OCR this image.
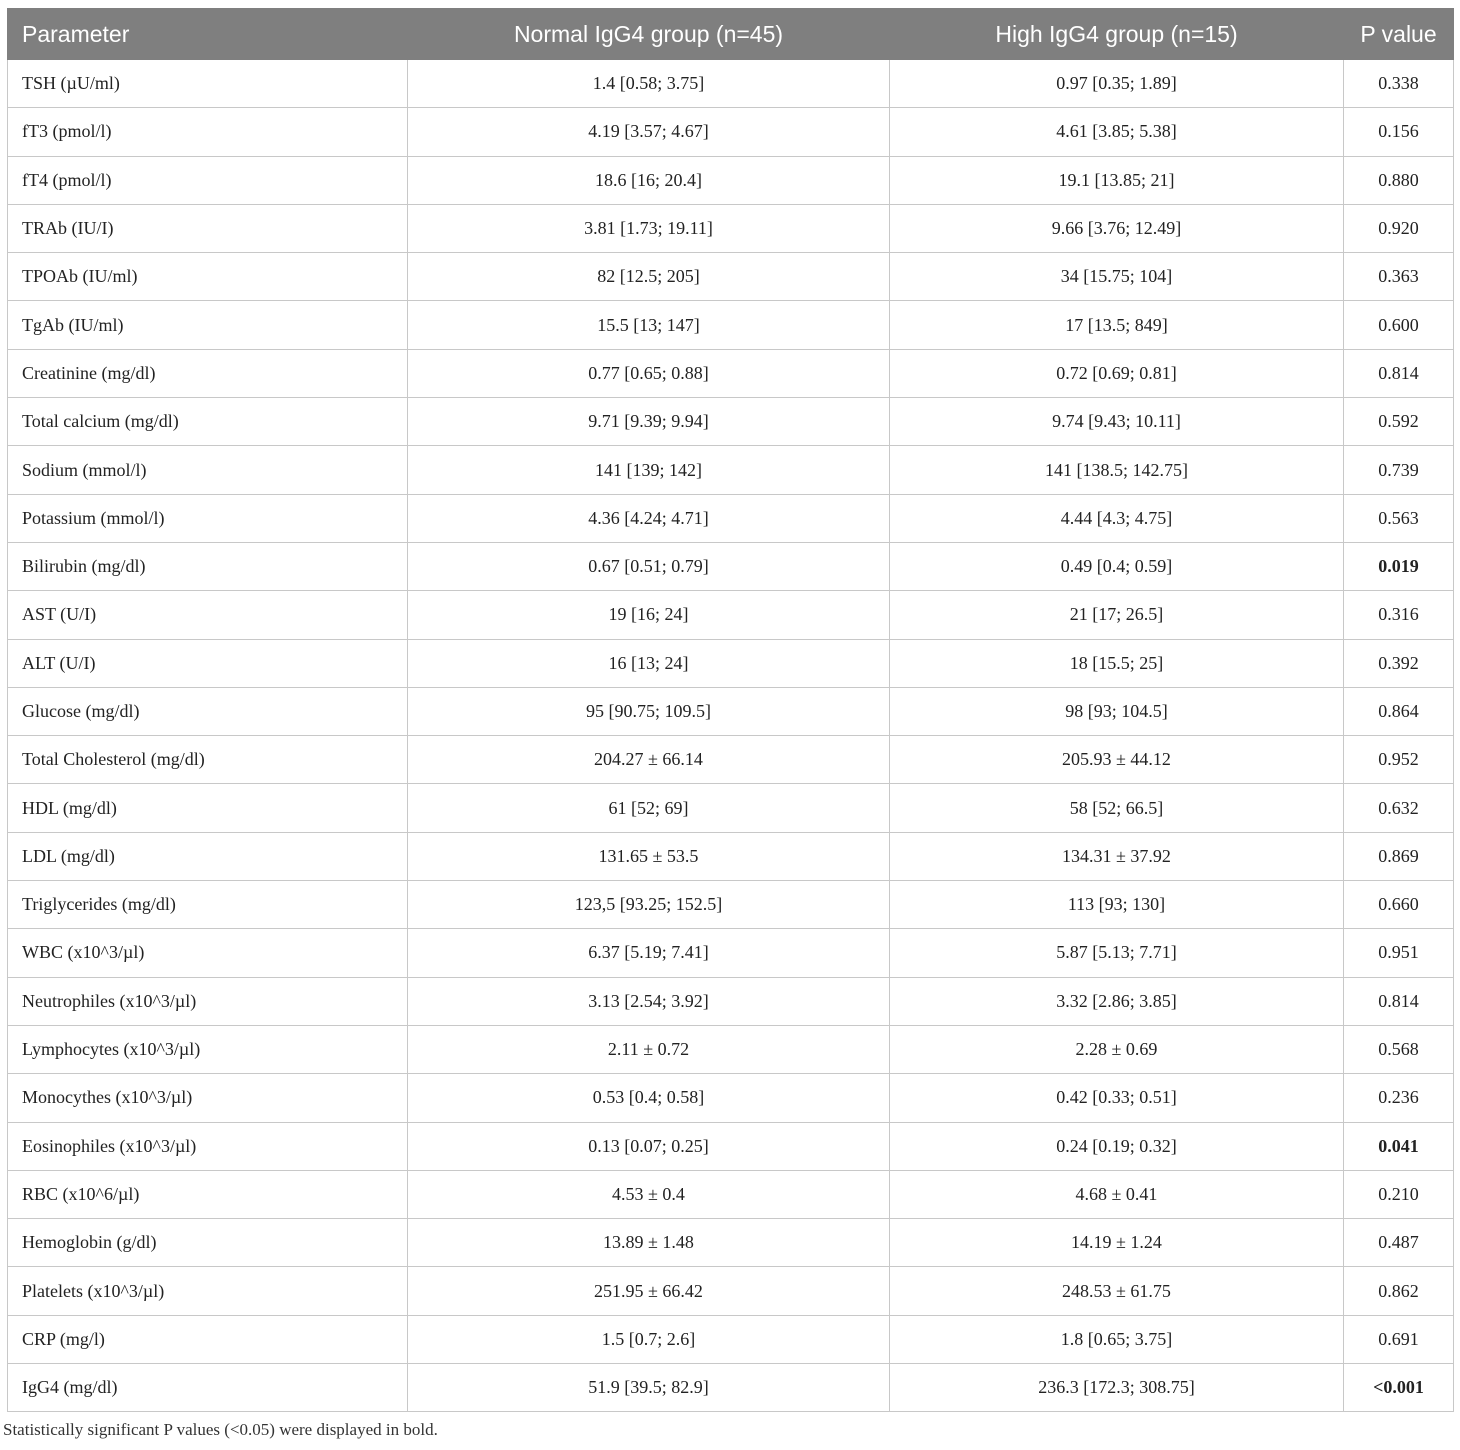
Parameter	Normal IgG4 group (n=45)	High IgG4 group (n=15)	P value
TSH (µU/ml)	1.4 [0.58; 3.75]	0.97 [0.35; 1.89]	0.338
fT3 (pmol/l)	4.19 [3.57; 4.67]	4.61 [3.85; 5.38]	0.156
fT4 (pmol/l)	18.6 [16; 20.4]	19.1 [13.85; 21]	0.880
TRAb (IU/I)	3.81 [1.73; 19.11]	9.66 [3.76; 12.49]	0.920
TPOAb (IU/ml)	82 [12.5; 205]	34 [15.75; 104]	0.363
TgAb (IU/ml)	15.5 [13; 147]	17 [13.5; 849]	0.600
Creatinine (mg/dl)	0.77 [0.65; 0.88]	0.72 [0.69; 0.81]	0.814
Total calcium (mg/dl)	9.71 [9.39; 9.94]	9.74 [9.43; 10.11]	0.592
Sodium (mmol/l)	141 [139; 142]	141 [138.5; 142.75]	0.739
Potassium (mmol/l)	4.36 [4.24; 4.71]	4.44 [4.3; 4.75]	0.563
Bilirubin (mg/dl)	0.67 [0.51; 0.79]	0.49 [0.4; 0.59]	0.019
AST (U/I)	19 [16; 24]	21 [17; 26.5]	0.316
ALT (U/I)	16 [13; 24]	18 [15.5; 25]	0.392
Glucose (mg/dl)	95 [90.75; 109.5]	98 [93; 104.5]	0.864
Total Cholesterol (mg/dl)	204.27 ± 66.14	205.93 ± 44.12	0.952
HDL (mg/dl)	61 [52; 69]	58 [52; 66.5]	0.632
LDL (mg/dl)	131.65 ± 53.5	134.31 ± 37.92	0.869
Triglycerides (mg/dl)	123,5 [93.25; 152.5]	113 [93; 130]	0.660
WBC (x10^3/µl)	6.37 [5.19; 7.41]	5.87 [5.13; 7.71]	0.951
Neutrophiles (x10^3/µl)	3.13 [2.54; 3.92]	3.32 [2.86; 3.85]	0.814
Lymphocytes (x10^3/µl)	2.11 ± 0.72	2.28 ± 0.69	0.568
Monocythes (x10^3/µl)	0.53 [0.4; 0.58]	0.42 [0.33; 0.51]	0.236
Eosinophiles (x10^3/µl)	0.13 [0.07; 0.25]	0.24 [0.19; 0.32]	0.041
RBC (x10^6/µl)	4.53 ± 0.4	4.68 ± 0.41	0.210
Hemoglobin (g/dl)	13.89 ± 1.48	14.19 ± 1.24	0.487
Platelets (x10^3/µl)	251.95 ± 66.42	248.53 ± 61.75	0.862
CRP (mg/l)	1.5 [0.7; 2.6]	1.8 [0.65; 3.75]	0.691
IgG4 (mg/dl)	51.9 [39.5; 82.9]	236.3 [172.3; 308.75]	<0.001
Statistically significant P values (<0.05) were displayed in bold.
